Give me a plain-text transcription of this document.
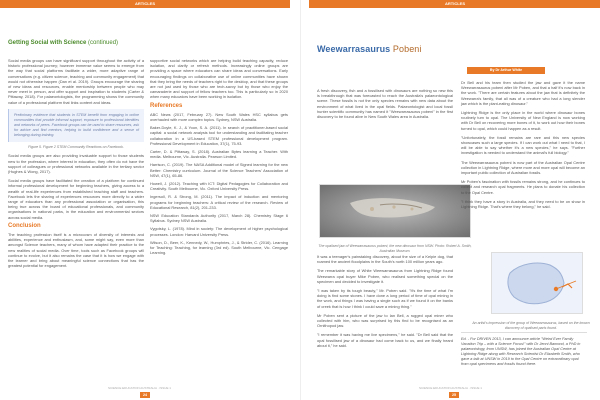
ARTICLES
Getting Social with Science (continued)

Social media groups can have significant support throughout the activity of a historic professional journey; however immense value seems to emerge from the way that social platforms facilitate a wider, more adaptive range of conversations (e.g. citizen science, teaching and community engagement) that would not otherwise happen (Dan et al. 2019). Groups encourage the sharing of new ideas and resources, enable mentorship between people who may never meet in person, and offer support and inspiration to students (Carter & Pittaway, 2018). For palaeontologists, the programming shows the community value of a professional platform that links content and ideas.

Preliminary evidence that students in STEM benefit from engaging in online communities that provide informal support, exposure to professional identities and networks of peers. Facebook groups can be used to share resources, ask for advice and find mentors, helping to build confidence and a sense of belonging during training.
Figure 5. Figure 2 STEM Community Reactions on Facebook.

Social media groups are also providing invaluable support to those students new to the profession, where interest in education, they often do not have the support of colleagues or professional networks available in the tertiary sector (Hughes & Wong, 2017).

Social media groups have facilitated the creation of a platform for continued informal professional development for beginning teachers, giving access to a wealth of real-life experiences from established teaching staff and teachers. Facebook lets the sharing of experiences resources more directly to a wider range of educators than any professional association or organisation, this being true across the board of educational professionals, and community organisations in national parks, in the education and environmental sectors across social media.

Conclusion

The teaching profession itself is a microcosm of diversity of interests and abilities, experience and enthusiasm, and, some might say, even more than amongst Science teachers, many of whom have adapted their practice to the new realities of social media. Over time, tools such as Facebook groups will continue to evolve, but it also remains the case that it is how we engage with the learner and bring about meaningful science connections that has the greatest potential for engagement.

supportive social networks which are helping build teaching capacity, reduce isolation, and clarify or refresh methods. Increasingly online groups are providing a space where educators can share ideas and conversations. Early encouraging findings on collaborative use of online communities have shown that they bring the needs of teachers right to the desktop, and that these groups are not just used by those who are tech-savvy but by those who enjoy the camaraderie and support of fellow teachers too. This is particularly so in 2020 when many educators have been working in isolation.

References

ABC News (2017, February 27). New South Wales HSC syllabus gets overhauled with more complex topics. Sydney, NSW Australia.

Baker-Doyle, K. J., & Yoon, S. A. (2011). In search of practitioner-based social capital: a social network analysis tool for understanding and facilitating teacher collaboration in a US-based STEM professional development program. Professional Development in Education, 37(1), 75-93.

Carter, D. & Pittaway, S. (2018). Australian Bytes learning a Teacher. With media. Melbourne, Vic. Australia. Pearson Limited.

Harrison, C. (2019). The NASA Additional model of Signed learning for the new Better: Chemistry curriculum. Journal of the Science Teachers' Association of NSW, 47(1), 65-86.

Howell, J. (2012). Teaching with ICT: Digital Pedagogies for Collaboration and Creativity. South Melbourne, Vic. Oxford University Press.

Ingersoll, R. & Strong, M. (2011). The impact of induction and mentoring programs for beginning teachers: A critical review of the research. Review of Educational Research, 81(2), 201-233.

NSW Education Standards Authority (2017, March 28). Chemistry Stage 6 Syllabus. Sydney NSW Australia.

Vygotsky, L. (1978). Mind in society: The development of higher psychological processes. London: Harvard University Press.

Wilson, D., Beer, K., Kennedy, W., Humphries, J., & Strider, C. (2016). Learning for Teaching: Teaching, for learning (3rd ed). South Melbourne, Vic. Cengage Learning.

24
SCIENCE EDUCATION AUSTRALIA · ISSUE 1
ARTICLES
Weewarrasaurus Pobeni
By Dr Arthur White

A fresh discovery, fish and a fossilised with dinosaurs are nothing so new this is breakthrough that was forecasted to reach the Australia's palaeontological scene. These fossils is not the only species remains with new data about the environment of what lived in the opal fields. Palaeontologist and local fossil hunter scientific community has named it "Weewarrasaurus pobeni" in the first discovery to be found alive in New South Wales area in Australia.

The opalised jaw of Weewarrasaurus pobeni, the new dinosaur from NSW. Photo: Robert A. Smith, Australian Museum.

It was a teenager's painstaking discovery, about the size of a Kelpie dog, that roamed the ancient floodplains in the South's north 100 million years ago.

The remarkable story of White Weewarrasaurus from Lightning Ridge found Weewarra opal buyer Mike Poben, who realised something special on the specimen and decided to investigate it.

"I was taken by its tough beauty," Mr. Poben said. "It's the time of what I'm doing is find some stones. I have done a long period of time of opal mining in the work, and things I was having a single such as if we found it on the banks of creek that is how I think I could save a mining thing."

Mr Poben sent a picture of the jaw to Ian Bell, a rugged opal miner who collected with him, who was surprised by this find to be recognised as an Ornithopod jaw.

"I remember it was having me live specimens," he said. "Dr Bell said that the opal fossilised jaw of a dinosaur had come back to us, and we finally heard about it," he said.

Dr Bell and his team then studied the jaw and gave it the name Weewarrasaurus pobeni after Mr Poben, and that a half it's now back in the work. "There are certain features about the jaw that is definitely the Weewarra's family, that all was of a creature who had a long slender jaw which is the plant-eating dinosaur."

Lightning Ridge is the only place in the world where dinosaur bones routinely turn to opal. The University of New England is now working with Dr Bell on recovering more bones of it, to work out how their bones turned to opal, which could happen as a result.

"Unfortunately, the fossil remains are rare and this new species showcases such a large species. If I can work out what I need to that, I will be able to say whether it's a new species," he says. "Further investigation is needed to understand the animal's full biology."

The Weewarrasaurus pobeni is now part of the Australian Opal Centre collection in Lightning Ridge, where more and more opal will become an important public collection of Australian fossils.

Mr Poben's fascination with fossils remains strong, and he continues to collect and research opal fragments. He plans to donate his collection to the Opal Centre.

"I think they have a story in Australia, and they need to be on show in Lightning Ridge. That's where they belong," he said.

An artist's impression of the group of Weewarrasaurus, based on the known discovery of opalised parts found.
Ed. - For DRIVEN 2013, I can announce article "Weird Ever Family Vacation Trip – with a Science Focus!" with Dr Jenni Bamond, a PhD in palaeontology, from UNSW, has joined the Australian Opal Centre at Lightning Ridge along with Research Scientist Dr Elizabeth Smith, who gave a talk at UNSW in 2019 to the Opal Centre on extraordinary opal from opal specimens and fossils found there.
25
SCIENCE EDUCATION AUSTRALIA · ISSUE 1
